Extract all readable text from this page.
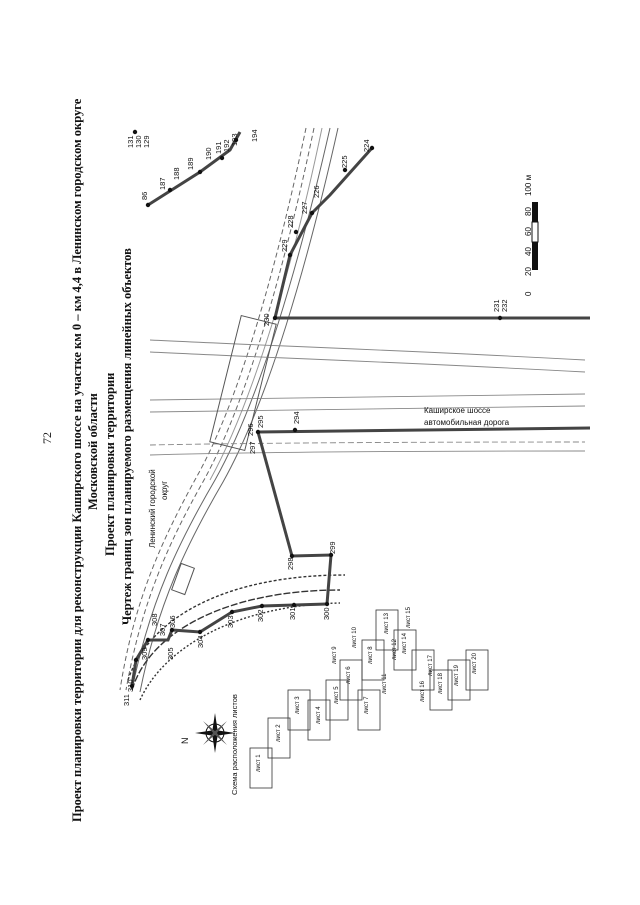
72 Проект планировки территории для реконструкции Каширского шоссе на участке км 0 – км 4,4 в Ленинском городском округе Московской области Проект планировки территории Чертеж границ зон планируемого размещения линейных объектов	автомобильная дорога
Каширское шоссе
Ленинский городской округ
0
20
40
60
80
100 м
N	Схема расположения листов	лист 1
лист 2
лист 3
лист 4
лист 5
лист 6
лист 7
лист 8
лист 9
лист 10
лист 11
лист 12
лист 13
лист 14
лист 15
лист 16
лист 17
лист 18 лист 19
лист 20
131 130 129
86
187
188
189
190 191 192 193 194
224
225
226
227
228
229
230
231 232
294
295
296
297
298
299
300
301
302
303
304
305
306
307
308
309
310
311
